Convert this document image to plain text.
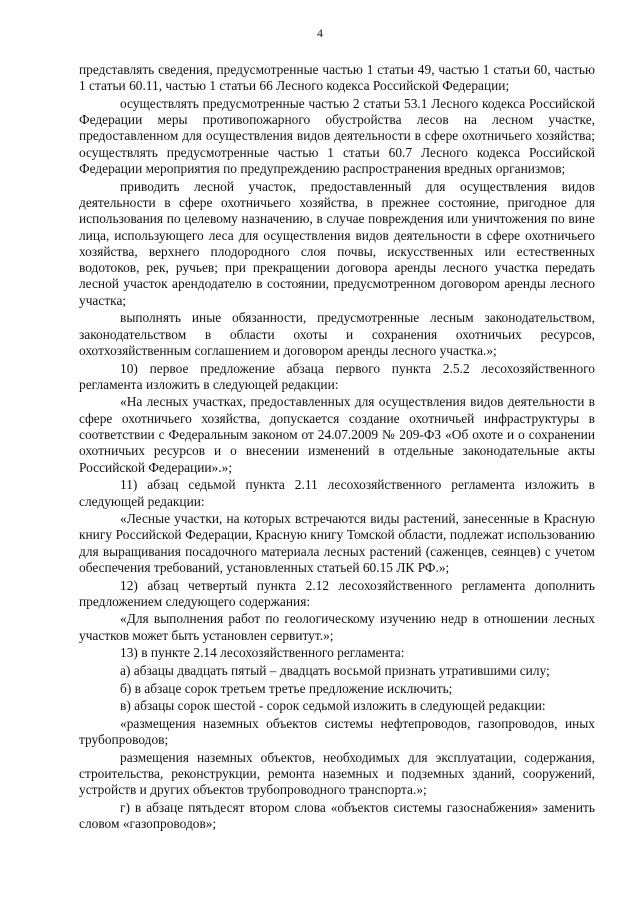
4

представлять сведения, предусмотренные частью 1 статьи 49, частью 1 статьи 60, частью 1 статьи 60.11, частью 1 статьи 66 Лесного кодекса Российской Федерации;

осуществлять предусмотренные частью 2 статьи 53.1 Лесного кодекса Российской Федерации меры противопожарного обустройства лесов на лесном участке, предоставленном для осуществления видов деятельности в сфере охотничьего хозяйства; осуществлять предусмотренные частью 1 статьи 60.7 Лесного кодекса Российской Федерации мероприятия по предупреждению распространения вредных организмов;

приводить лесной участок, предоставленный для осуществления видов деятельности в сфере охотничьего хозяйства, в прежнее состояние, пригодное для использования по целевому назначению, в случае повреждения или уничтожения по вине лица, использующего леса для осуществления видов деятельности в сфере охотничьего хозяйства, верхнего плодородного слоя почвы, искусственных или естественных водотоков, рек, ручьев; при прекращении договора аренды лесного участка передать лесной участок арендодателю в состоянии, предусмотренном договором аренды лесного участка;

выполнять иные обязанности, предусмотренные лесным законодательством, законодательством в области охоты и сохранения охотничьих ресурсов, охотхозяйственным соглашением и договором аренды лесного участка.»;

10) первое предложение абзаца первого пункта 2.5.2 лесохозяйственного регламента изложить в следующей редакции:

«На лесных участках, предоставленных для осуществления видов деятельности в сфере охотничьего хозяйства, допускается создание охотничьей инфраструктуры в соответствии с Федеральным законом от 24.07.2009 № 209-ФЗ «Об охоте и о сохранении охотничьих ресурсов и о внесении изменений в отдельные законодательные акты Российской Федерации».»;

11) абзац седьмой пункта 2.11 лесохозяйственного регламента изложить в следующей редакции:

«Лесные участки, на которых встречаются виды растений, занесенные в Красную книгу Российской Федерации, Красную книгу Томской области, подлежат использованию для выращивания посадочного материала лесных растений (саженцев, сеянцев) с учетом обеспечения требований, установленных статьей 60.15 ЛК РФ.»;

12) абзац четвертый пункта 2.12 лесохозяйственного регламента дополнить предложением следующего содержания:

«Для выполнения работ по геологическому изучению недр в отношении лесных участков может быть установлен сервитут.»;

13) в пункте 2.14 лесохозяйственного регламента:

а) абзацы двадцать пятый – двадцать восьмой признать утратившими силу;

б) в абзаце сорок третьем третье предложение исключить;

в) абзацы сорок шестой - сорок седьмой изложить в следующей редакции:

«размещения наземных объектов системы нефтепроводов, газопроводов, иных трубопроводов;

размещения наземных объектов, необходимых для эксплуатации, содержания, строительства, реконструкции, ремонта наземных и подземных зданий, сооружений, устройств и других объектов трубопроводного транспорта.»;

г) в абзаце пятьдесят втором слова «объектов системы газоснабжения» заменить словом «газопроводов»;
